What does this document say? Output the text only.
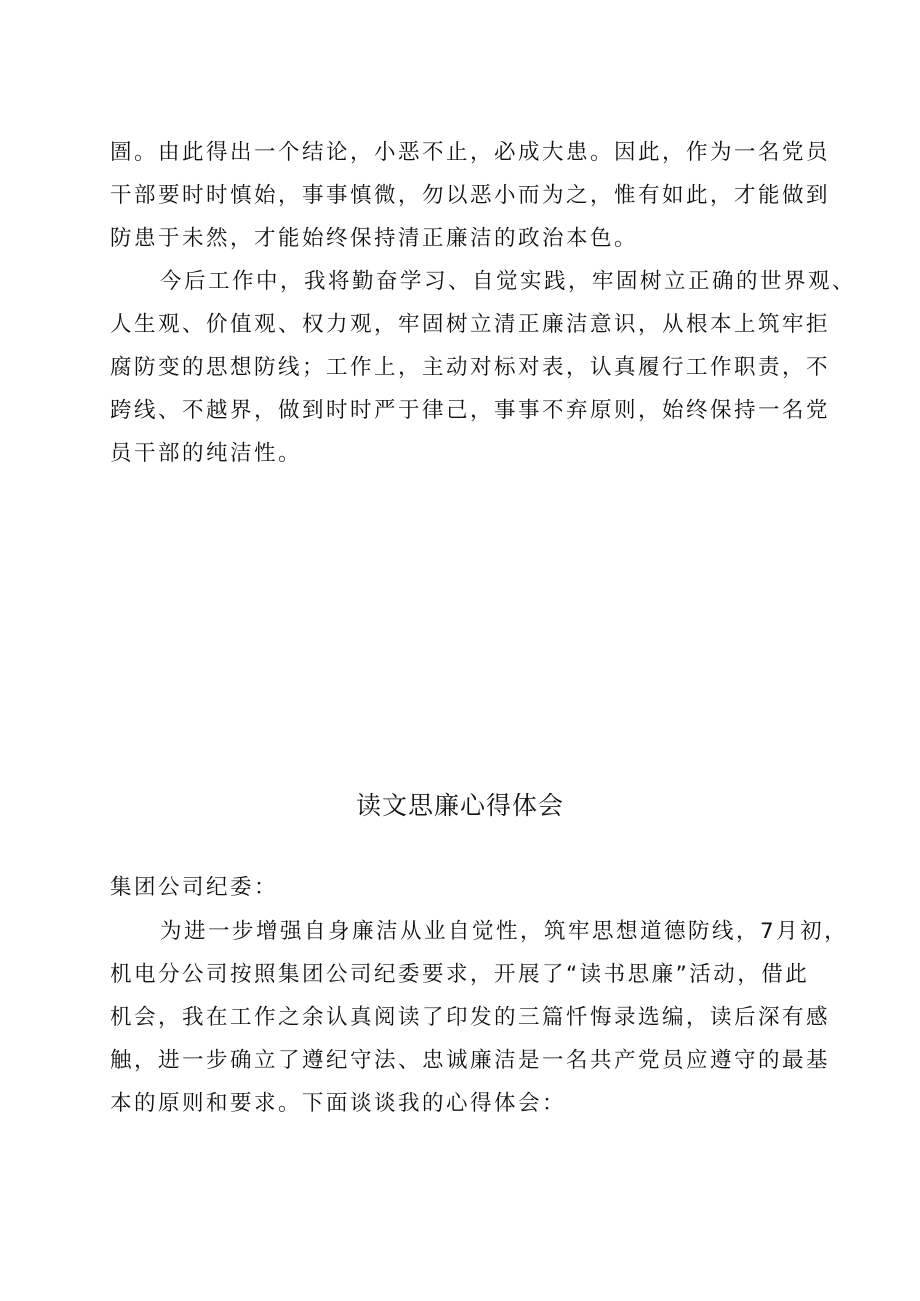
圄。由此得出一个结论，小恶不止，必成大患。因此，作为一名党员
干部要时时慎始，事事慎微，勿以恶小而为之，惟有如此，才能做到
防患于未然，才能始终保持清正廉洁的政治本色。
今后工作中，我将勤奋学习、自觉实践，牢固树立正确的世界观、
人生观、价值观、权力观，牢固树立清正廉洁意识，从根本上筑牢拒
腐防变的思想防线；工作上，主动对标对表，认真履行工作职责，不
跨线、不越界，做到时时严于律己，事事不弃原则，始终保持一名党
员干部的纯洁性。
读文思廉心得体会
集团公司纪委：
为进一步增强自身廉洁从业自觉性，筑牢思想道德防线，7月初，
机电分公司按照集团公司纪委要求，开展了“读书思廉”活动，借此
机会，我在工作之余认真阅读了印发的三篇忏悔录选编，读后深有感
触，进一步确立了遵纪守法、忠诚廉洁是一名共产党员应遵守的最基
本的原则和要求。下面谈谈我的心得体会：
